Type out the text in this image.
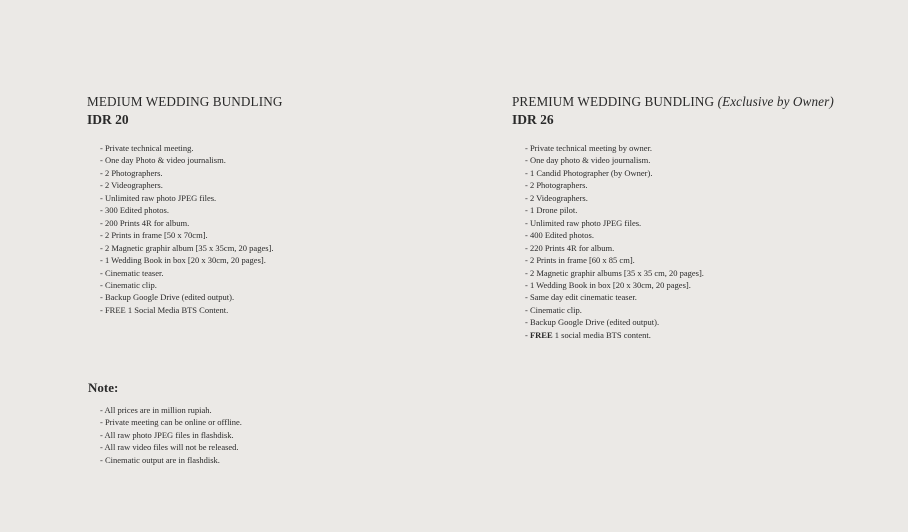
MEDIUM WEDDING BUNDLING
IDR 20
- Private technical meeting.
- One day Photo & video journalism.
- 2 Photographers.
- 2 Videographers.
- Unlimited raw photo JPEG files.
- 300 Edited photos.
- 200 Prints 4R for album.
- 2 Prints in frame [50 x 70cm].
- 2 Magnetic graphir album [35 x 35cm, 20 pages].
- 1 Wedding Book in box [20 x 30cm, 20 pages].
- Cinematic teaser.
- Cinematic clip.
- Backup Google Drive (edited output).
- FREE 1 Social Media BTS Content.
PREMIUM WEDDING BUNDLING (Exclusive by Owner)
IDR 26
- Private technical meeting by owner.
- One day photo & video journalism.
- 1 Candid Photographer (by Owner).
- 2 Photographers.
- 2 Videographers.
- 1 Drone pilot.
- Unlimited raw photo JPEG files.
- 400 Edited photos.
- 220 Prints 4R for album.
- 2 Prints in frame [60 x 85 cm].
- 2 Magnetic graphir albums [35 x 35 cm, 20 pages].
- 1 Wedding Book in box [20 x 30cm, 20 pages].
- Same day edit cinematic teaser.
- Cinematic clip.
- Backup Google Drive (edited output).
- FREE 1 social media BTS content.
Note:
- All prices are in million rupiah.
- Private meeting can be online or offline.
- All raw photo JPEG files in flashdisk.
- All raw video files will not be released.
- Cinematic output are in flashdisk.
